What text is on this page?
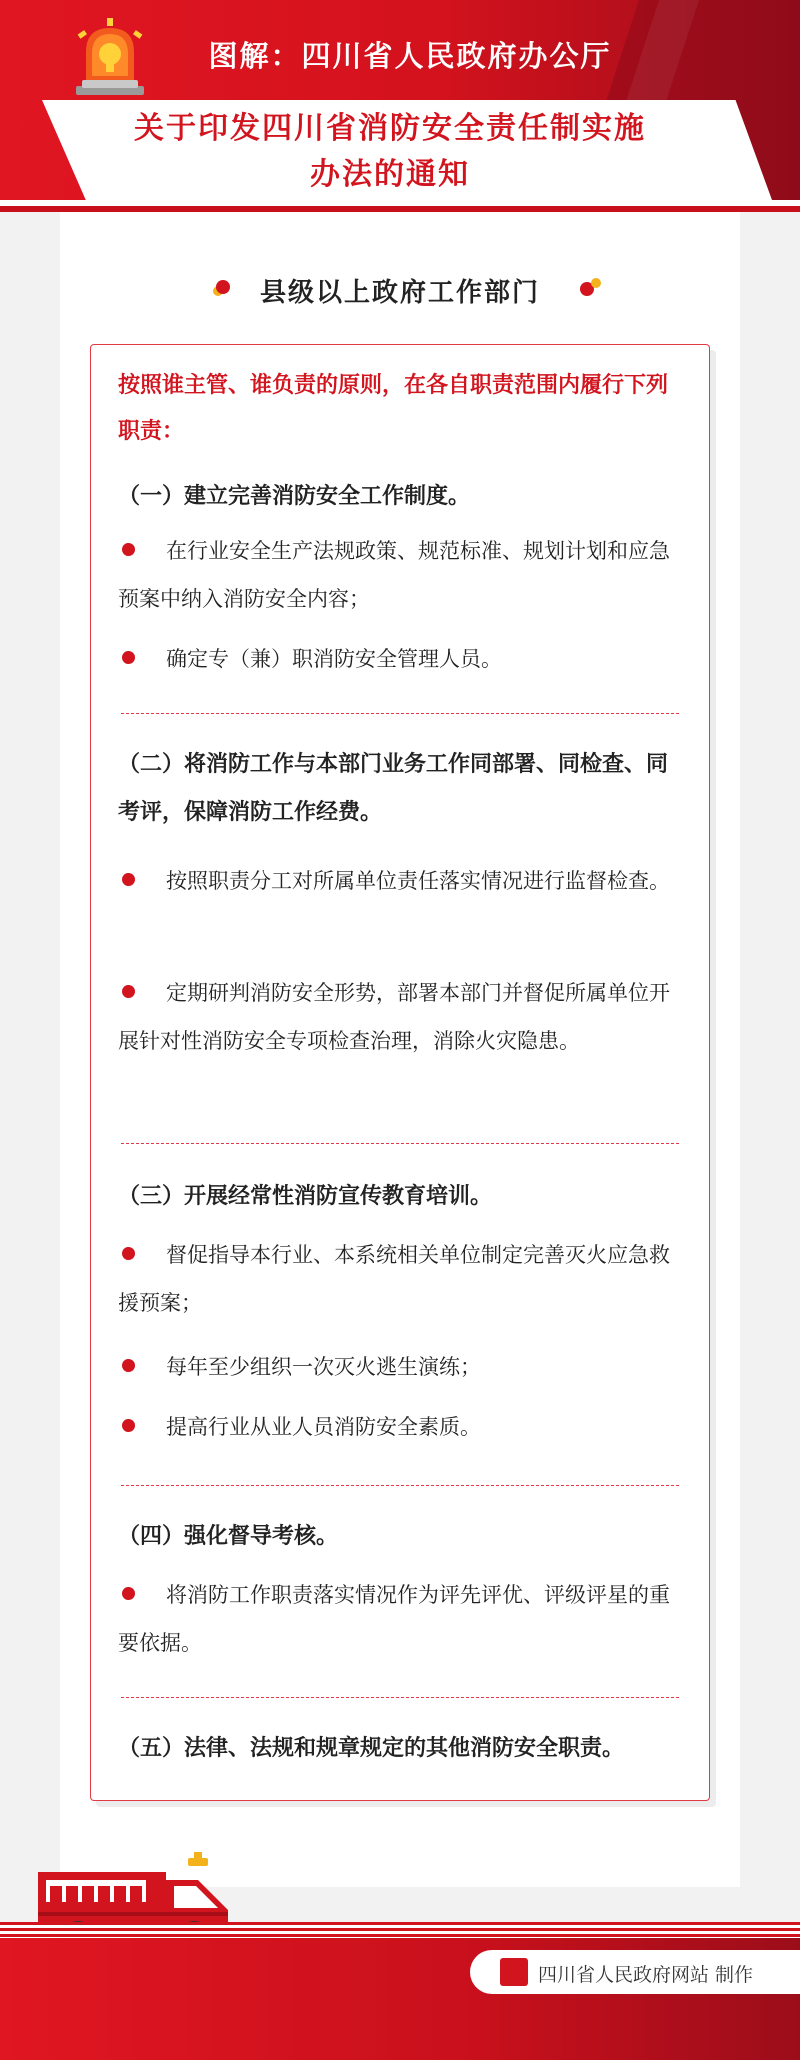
图解：四川省人民政府办公厅
关于印发四川省消防安全责任制实施
办法的通知
县级以上政府工作部门
按照谁主管、谁负责的原则，在各自职责范围内履行下列职责：
（一）建立完善消防安全工作制度。
在行业安全生产法规政策、规范标准、规划计划和应急预案中纳入消防安全内容；
确定专（兼）职消防安全管理人员。
（二）将消防工作与本部门业务工作同部署、同检查、同考评，保障消防工作经费。
按照职责分工对所属单位责任落实情况进行监督检查。
定期研判消防安全形势，部署本部门并督促所属单位开展针对性消防安全专项检查治理，消除火灾隐患。
（三）开展经常性消防宣传教育培训。
督促指导本行业、本系统相关单位制定完善灭火应急救援预案；
每年至少组织一次灭火逃生演练；
提高行业从业人员消防安全素质。
（四）强化督导考核。
将消防工作职责落实情况作为评先评优、评级评星的重要依据。
（五）法律、法规和规章规定的其他消防安全职责。
四川省人民政府网站 制作
